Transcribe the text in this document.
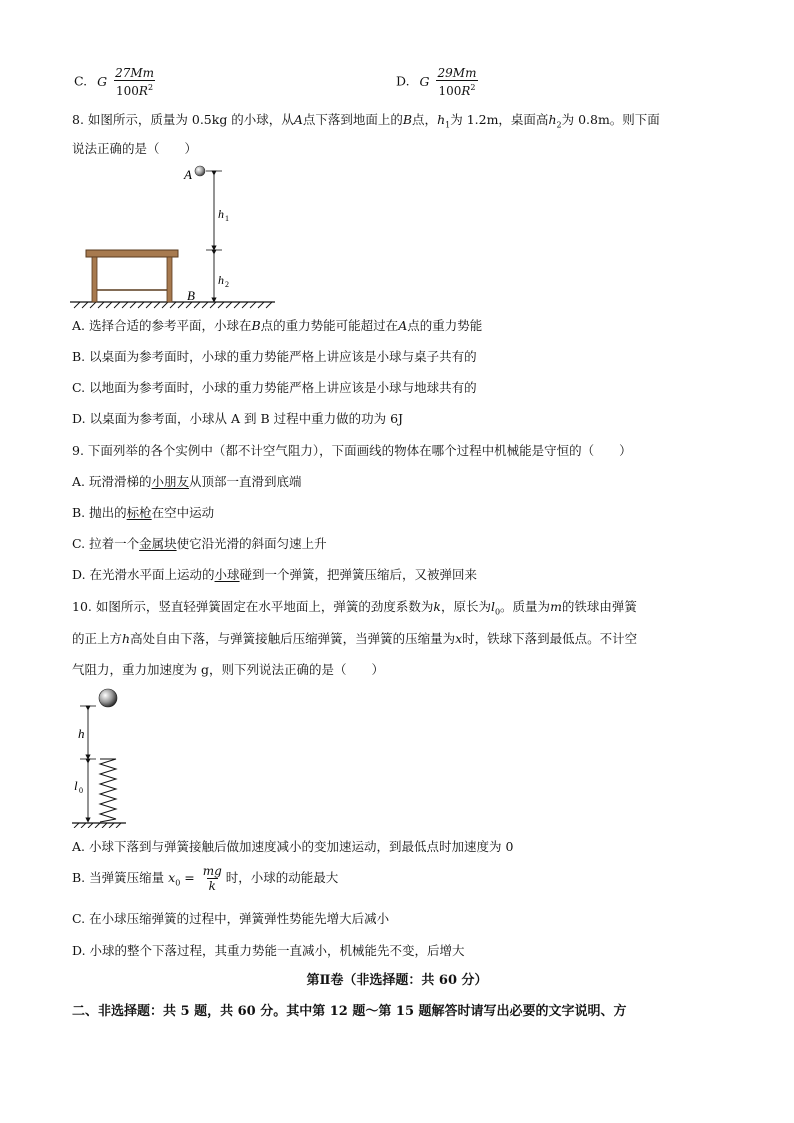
C. G $\frac{27Mm}{100R^2}$	D. G $\frac{29Mm}{100R^2}$
8. 如图所示，质量为 0.5kg 的小球，从A点下落到地面上的B点，$h_1$为 1.2m，桌面高$h_2$为 0.8m。则下面
说法正确的是（　　）
A
B
h 1
h 2
A. 选择合适的参考平面，小球在B点的重力势能可能超过在A点的重力势能
B. 以桌面为参考面时，小球的重力势能严格上讲应该是小球与桌子共有的
C. 以地面为参考面时，小球的重力势能严格上讲应该是小球与地球共有的
D. 以桌面为参考面，小球从 A 到 B 过程中重力做的功为 6J
9. 下面列举的各个实例中（都不计空气阻力），下面画线的物体在哪个过程中机械能是守恒的（　　）
A. 玩滑滑梯的小朋友从顶部一直滑到底端
B. 抛出的标枪在空中运动
C. 拉着一个金属块使它沿光滑的斜面匀速上升
D. 在光滑水平面上运动的小球碰到一个弹簧，把弹簧压缩后，又被弹回来
10. 如图所示，竖直轻弹簧固定在水平地面上，弹簧的劲度系数为k，原长为$l_0$。质量为m的铁球由弹簧
的正上方h高处自由下落，与弹簧接触后压缩弹簧，当弹簧的压缩量为x时，铁球下落到最低点。不计空
气阻力，重力加速度为 g，则下列说法正确的是（　　）
h
l 0
A. 小球下落到与弹簧接触后做加速度减小的变加速运动，到最低点时加速度为 0
B. 当弹簧压缩量 $x_0 = \frac{mg}{k}$ 时，小球的动能最大
C. 在小球压缩弹簧的过程中，弹簧弹性势能先增大后减小
D. 小球的整个下落过程，其重力势能一直减小，机械能先不变，后增大
第Ⅱ卷（非选择题：共 60 分）
二、非选择题：共 5 题，共 60 分。其中第 12 题～第 15 题解答时请写出必要的文字说明、方
